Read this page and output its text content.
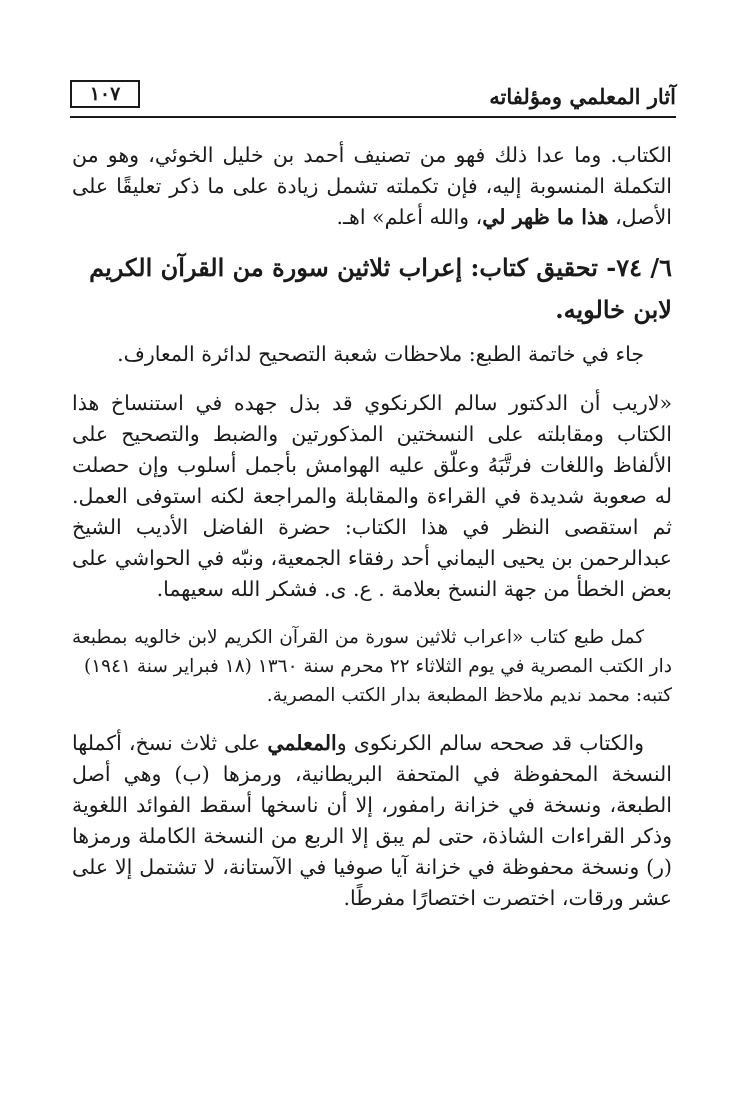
آثار المعلمي ومؤلفاته
١٠٧

الكتاب. وما عدا ذلك فهو من تصنيف أحمد بن خليل الخوئي، وهو من التكملة المنسوبة إليه، فإن تكملته تشمل زيادة على ما ذكر تعليقًا على الأصل، هذا ما ظهر لي، والله أعلم» اهـ.

٦/ ٧٤- تحقيق كتاب: إعراب ثلاثين سورة من القرآن الكريم لابن خالويه.

جاء في خاتمة الطبع: ملاحظات شعبة التصحيح لدائرة المعارف.

«لاريب أن الدكتور سالم الكرنكوي قد بذل جهده في استنساخ هذا الكتاب ومقابلته على النسختين المذكورتين والضبط والتصحيح على الألفاظ واللغات فرتَّبَهُ وعلّق عليه الهوامش بأجمل أسلوب وإن حصلت له صعوبة شديدة في القراءة والمقابلة والمراجعة لكنه استوفى العمل. ثم استقصى النظر في هذا الكتاب: حضرة الفاضل الأديب الشيخ عبدالرحمن بن يحيى اليماني أحد رفقاء الجمعية، ونبّه في الحواشي على بعض الخطأ من جهة النسخ بعلامة . ع. ى. فشكر الله سعيهما.

كمل طبع كتاب «اعراب ثلاثين سورة من القرآن الكريم لابن خالويه بمطبعة دار الكتب المصرية في يوم الثلاثاء ٢٢ محرم سنة ١٣٦٠ (١٨ فبراير سنة ١٩٤١)

كتبه: محمد نديم ملاحظ المطبعة بدار الكتب المصرية.

والكتاب قد صححه سالم الكرنكوى والمعلمي على ثلاث نسخ، أكملها النسخة المحفوظة في المتحفة البريطانية، ورمزها (ب) وهي أصل الطبعة، ونسخة في خزانة رامفور، إلا أن ناسخها أسقط الفوائد اللغوية وذكر القراءات الشاذة، حتى لم يبق إلا الربع من النسخة الكاملة ورمزها (ر) ونسخة محفوظة في خزانة آيا صوفيا في الآستانة، لا تشتمل إلا على عشر ورقات، اختصرت اختصارًا مفرطًا.
